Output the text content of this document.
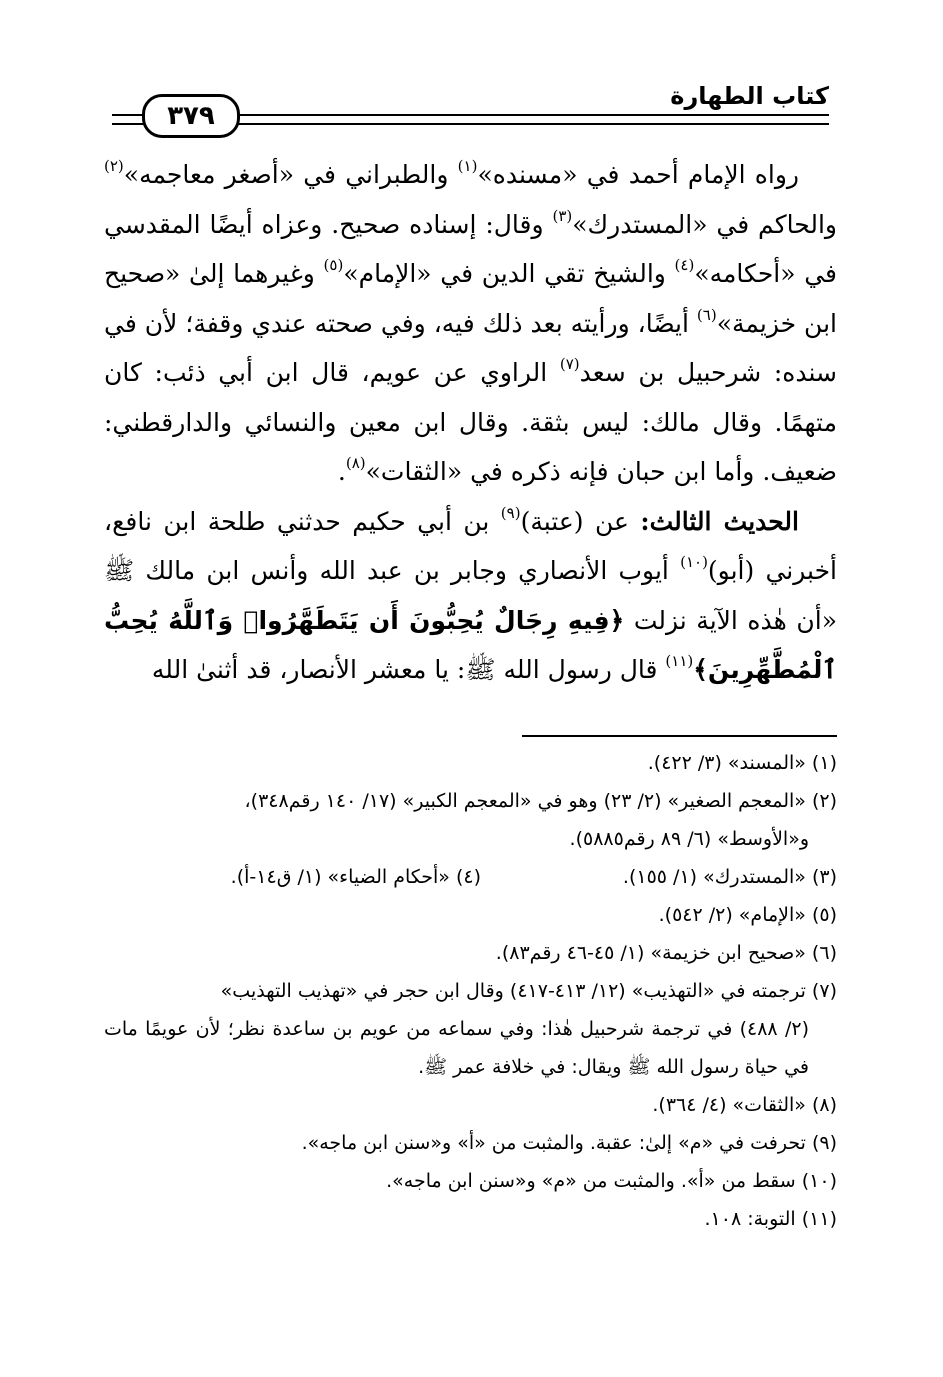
كتاب الطهارة
٣٧٩

رواه الإمام أحمد في «مسنده»$^{(١)}$ والطبراني في «أصغر معاجمه»$^{(٢)}$ والحاكم في «المستدرك»$^{(٣)}$ وقال: إسناده صحيح. وعزاه أيضًا المقدسي في «أحكامه»$^{(٤)}$ والشيخ تقي الدين في «الإمام»$^{(٥)}$ وغيرهما إلىٰ «صحيح ابن خزيمة»$^{(٦)}$ أيضًا، ورأيته بعد ذلك فيه، وفي صحته عندي وقفة؛ لأن في سنده: شرحبيل بن سعد$^{(٧)}$ الراوي عن عويم، قال ابن أبي ذئب: كان متهمًا. وقال مالك: ليس بثقة. وقال ابن معين والنسائي والدارقطني: ضعيف. وأما ابن حبان فإنه ذكره في «الثقات»$^{(٨)}$.

الحديث الثالث: عن (عتبة)$^{(٩)}$ بن أبي حكيم حدثني طلحة ابن نافع، أخبرني (أبو)$^{(١٠)}$ أيوب الأنصاري وجابر بن عبد الله وأنس ابن مالك ﷺ «أن هٰذه الآية نزلت ﴿فِيهِ رِجَالٌ يُحِبُّونَ أَن يَتَطَهَّرُوا۟ وَٱللَّهُ يُحِبُّ ٱلْمُطَّهِّرِينَ﴾$^{(١١)}$ قال رسول الله ﷺ: يا معشر الأنصار، قد أثنىٰ الله

(١) «المسند» (٣/ ٤٢٢).

(٢) «المعجم الصغير» (٢/ ٢٣) وهو في «المعجم الكبير» (١٧/ ١٤٠ رقم٣٤٨)،
و«الأوسط» (٦/ ٨٩ رقم٥٨٨٥).

(٣) «المستدرك» (١/ ١٥٥).
(٤) «أحكام الضياء» (١/ ق١٤-أ).

(٥) «الإمام» (٢/ ٥٤٢).

(٦) «صحيح ابن خزيمة» (١/ ٤٥-٤٦ رقم٨٣).

(٧) ترجمته في «التهذيب» (١٢/ ٤١٣-٤١٧) وقال ابن حجر في «تهذيب التهذيب»
(٢/ ٤٨٨) في ترجمة شرحبيل هٰذا: وفي سماعه من عويم بن ساعدة نظر؛ لأن عويمًا مات في حياة رسول الله ﷺ ويقال: في خلافة عمر ﷺ.

(٨) «الثقات» (٤/ ٣٦٤).

(٩) تحرفت في «م» إلىٰ: عقبة. والمثبت من «أ» و«سنن ابن ماجه».

(١٠) سقط من «أ». والمثبت من «م» و«سنن ابن ماجه».

(١١) التوبة: ١٠٨.
